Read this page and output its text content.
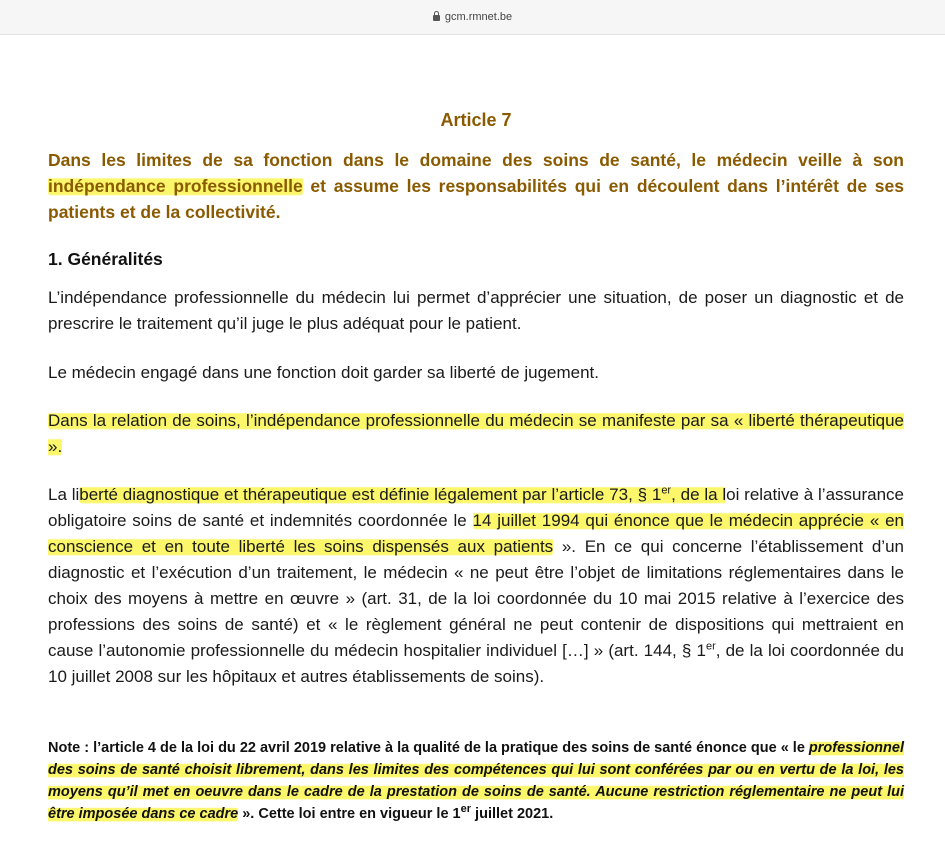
gcm.rmnet.be
Article 7
Dans les limites de sa fonction dans le domaine des soins de santé, le médecin veille à son indépendance professionnelle et assume les responsabilités qui en découlent dans l’intérêt de ses patients et de la collectivité.
1. Généralités
L’indépendance professionnelle du médecin lui permet d’apprécier une situation, de poser un diagnostic et de prescrire le traitement qu’il juge le plus adéquat pour le patient.
Le médecin engagé dans une fonction doit garder sa liberté de jugement.
Dans la relation de soins, l’indépendance professionnelle du médecin se manifeste par sa « liberté thérapeutique ».
La liberté diagnostique et thérapeutique est définie légalement par l’article 73, § 1er, de la loi relative à l’assurance obligatoire soins de santé et indemnités coordonnée le 14 juillet 1994 qui énonce que le médecin apprécie « en conscience et en toute liberté les soins dispensés aux patients ». En ce qui concerne l’établissement d’un diagnostic et l’exécution d’un traitement, le médecin « ne peut être l’objet de limitations réglementaires dans le choix des moyens à mettre en œuvre » (art. 31, de la loi coordonnée du 10 mai 2015 relative à l’exercice des professions des soins de santé) et « le règlement général ne peut contenir de dispositions qui mettraient en cause l’autonomie professionnelle du médecin hospitalier individuel […] » (art. 144, § 1er, de la loi coordonnée du 10 juillet 2008 sur les hôpitaux et autres établissements de soins).
Note : l’article 4 de la loi du 22 avril 2019 relative à la qualité de la pratique des soins de santé énonce que « le professionnel des soins de santé choisit librement, dans les limites des compétences qui lui sont conférées par ou en vertu de la loi, les moyens qu’il met en oeuvre dans le cadre de la prestation de soins de santé. Aucune restriction réglementaire ne peut lui être imposée dans ce cadre ». Cette loi entre en vigueur le 1er juillet 2021.
